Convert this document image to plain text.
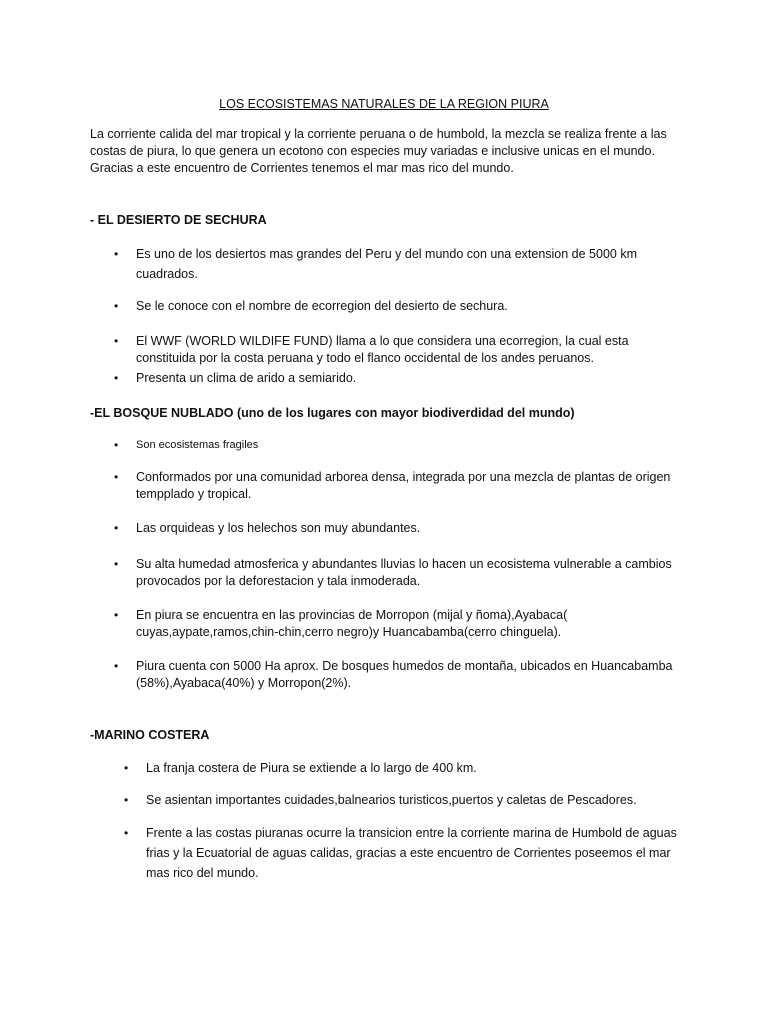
LOS ECOSISTEMAS NATURALES DE LA REGION PIURA
La corriente calida del mar tropical y la corriente peruana o de humbold, la mezcla se realiza frente a las costas de piura, lo que genera un ecotono con especies muy variadas e inclusive unicas en el mundo. Gracias a este encuentro de Corrientes tenemos el mar mas rico del mundo.
- EL DESIERTO DE SECHURA
•	Es uno de los desiertos mas grandes del Peru y del mundo con una extension de 5000 km cuadrados.
•	Se le conoce con el nombre de ecorregion del desierto de sechura.
•	El WWF (WORLD WILDIFE FUND) llama a lo que considera una ecorregion, la cual esta constituida por la costa peruana y todo el flanco occidental de los andes peruanos.
•	Presenta un clima de arido a semiarido.
-EL BOSQUE NUBLADO (uno de los lugares con mayor biodiverdidad del mundo)
•	Son ecosistemas fragiles
•	Conformados por una comunidad arborea densa, integrada por una mezcla de plantas de origen tempplado y tropical.
•	Las orquideas y los helechos son muy abundantes.
•	Su alta humedad atmosferica y abundantes lluvias lo hacen un ecosistema vulnerable a cambios provocados por la deforestacion y tala inmoderada.
•	En piura se encuentra en las provincias de Morropon (mijal y ñoma),Ayabaca( cuyas,aypate,ramos,chin-chin,cerro negro)y Huancabamba(cerro chinguela).
•	Piura cuenta con 5000 Ha aprox. De bosques humedos de montaña, ubicados en Huancabamba (58%),Ayabaca(40%) y Morropon(2%).
-MARINO COSTERA
•	La franja costera de Piura se extiende a lo largo de 400 km.
•	Se asientan importantes cuidades,balnearios turisticos,puertos y caletas de Pescadores.
•	Frente a las costas piuranas ocurre la transicion entre la corriente marina de Humbold de aguas frias y la Ecuatorial de aguas calidas, gracias a este encuentro de Corrientes poseemos el mar mas rico del mundo.
